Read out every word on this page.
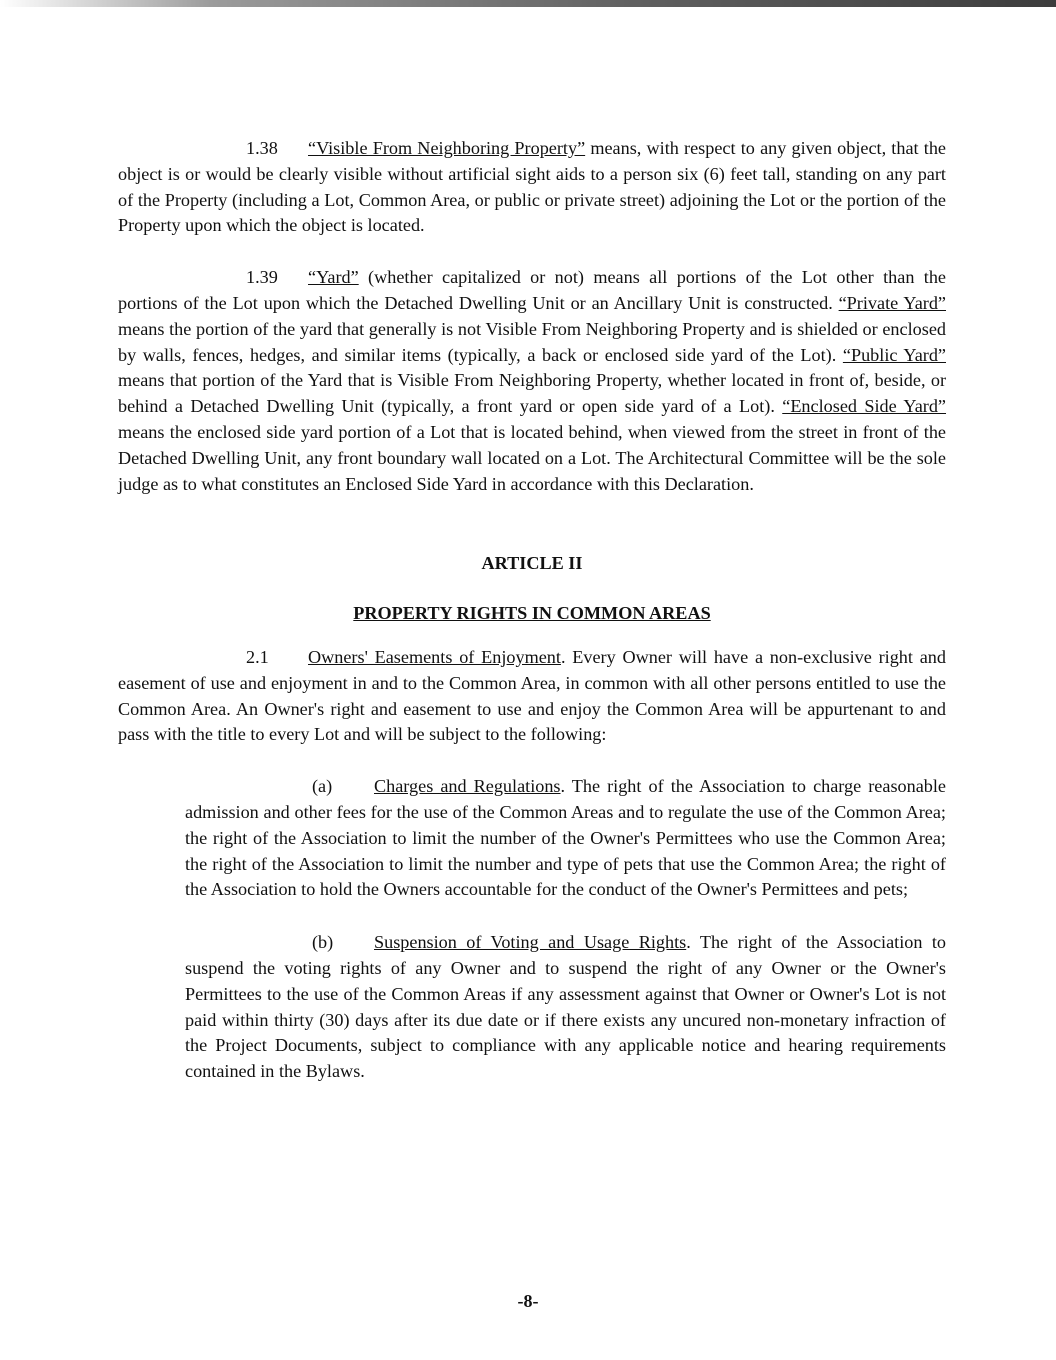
1.38 “Visible From Neighboring Property” means, with respect to any given object, that the object is or would be clearly visible without artificial sight aids to a person six (6) feet tall, standing on any part of the Property (including a Lot, Common Area, or public or private street) adjoining the Lot or the portion of the Property upon which the object is located.

1.39 “Yard” (whether capitalized or not) means all portions of the Lot other than the portions of the Lot upon which the Detached Dwelling Unit or an Ancillary Unit is constructed. “Private Yard” means the portion of the yard that generally is not Visible From Neighboring Property and is shielded or enclosed by walls, fences, hedges, and similar items (typically, a back or enclosed side yard of the Lot). “Public Yard” means that portion of the Yard that is Visible From Neighboring Property, whether located in front of, beside, or behind a Detached Dwelling Unit (typically, a front yard or open side yard of a Lot). “Enclosed Side Yard” means the enclosed side yard portion of a Lot that is located behind, when viewed from the street in front of the Detached Dwelling Unit, any front boundary wall located on a Lot. The Architectural Committee will be the sole judge as to what constitutes an Enclosed Side Yard in accordance with this Declaration.

ARTICLE II

PROPERTY RIGHTS IN COMMON AREAS

2.1 Owners' Easements of Enjoyment. Every Owner will have a non-exclusive right and easement of use and enjoyment in and to the Common Area, in common with all other persons entitled to use the Common Area. An Owner's right and easement to use and enjoy the Common Area will be appurtenant to and pass with the title to every Lot and will be subject to the following:

(a) Charges and Regulations. The right of the Association to charge reasonable admission and other fees for the use of the Common Areas and to regulate the use of the Common Area; the right of the Association to limit the number of the Owner's Permittees who use the Common Area; the right of the Association to limit the number and type of pets that use the Common Area; the right of the Association to hold the Owners accountable for the conduct of the Owner's Permittees and pets;

(b) Suspension of Voting and Usage Rights. The right of the Association to suspend the voting rights of any Owner and to suspend the right of any Owner or the Owner's Permittees to the use of the Common Areas if any assessment against that Owner or Owner's Lot is not paid within thirty (30) days after its due date or if there exists any uncured non-monetary infraction of the Project Documents, subject to compliance with any applicable notice and hearing requirements contained in the Bylaws.

-8-
